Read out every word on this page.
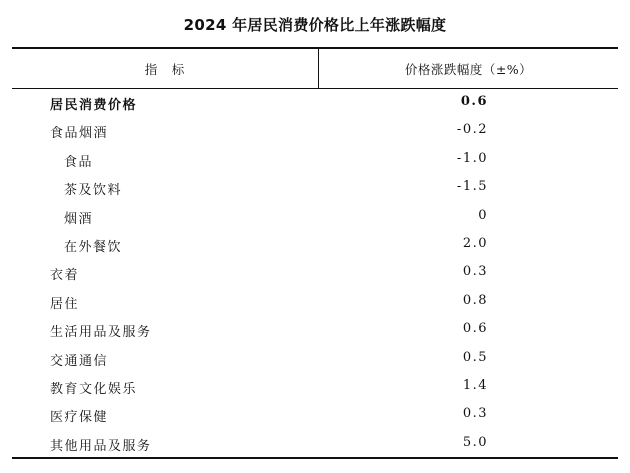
2024 年居民消费价格比上年涨跌幅度
指　标	价格涨跌幅度（±%）
居民消费价格	0.6
食品烟酒	-0.2
食品	-1.0
茶及饮料	-1.5
烟酒	0
在外餐饮	2.0
衣着	0.3
居住	0.8
生活用品及服务	0.6
交通通信	0.5
教育文化娱乐	1.4
医疗保健	0.3
其他用品及服务	5.0
